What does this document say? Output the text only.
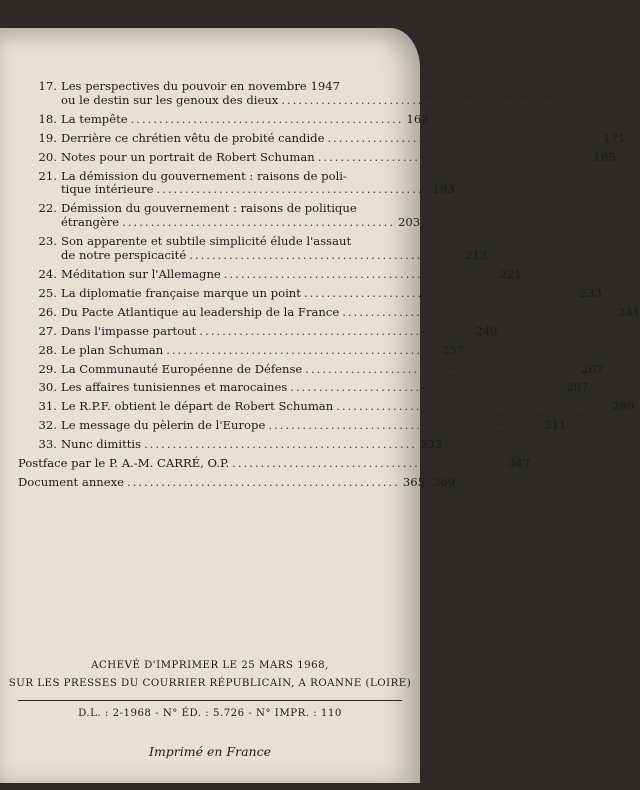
17. Les perspectives du pouvoir en novembre 1947
ou le destin sur les genoux des dieux ................................................
18. La tempête ................................................ 163
19. Derrière ce chrétien vêtu de probité candide ................................................ 171
20. Notes pour un portrait de Robert Schuman ................................................ 185
21. La démission du gouvernement : raisons de poli-
tique intérieure ................................................ 193
22. Démission du gouvernement : raisons de politique
étrangère ................................................ 203
23. Son apparente et subtile simplicité élude l'assaut
de notre perspicacité ................................................ 213
24. Méditation sur l'Allemagne ................................................ 221
25. La diplomatie française marque un point ................................................ 233
26. Du Pacte Atlantique au leadership de la France ................................................ 241
27. Dans l'impasse partout ................................................ 249
28. Le plan Schuman ................................................ 257
29. La Communauté Européenne de Défense ................................................ 267
30. Les affaires tunisiennes et marocaines ................................................ 287
31. Le R.P.F. obtient le départ de Robert Schuman ................................................ 299
32. Le message du pèlerin de l'Europe ................................................ 311
33. Nunc dimittis ................................................ 333
Postface par le P. A.-M. CARRÉ, O.P. ................................................ 347
Document annexe ................................................ 365 369
ACHEVÉ D'IMPRIMER LE 25 MARS 1968,
SUR LES PRESSES DU COURRIER RÉPUBLICAIN, A ROANNE (LOIRE)
D.L. : 2-1968 - N° ÉD. : 5.726 - N° IMPR. : 110
Imprimé en France
